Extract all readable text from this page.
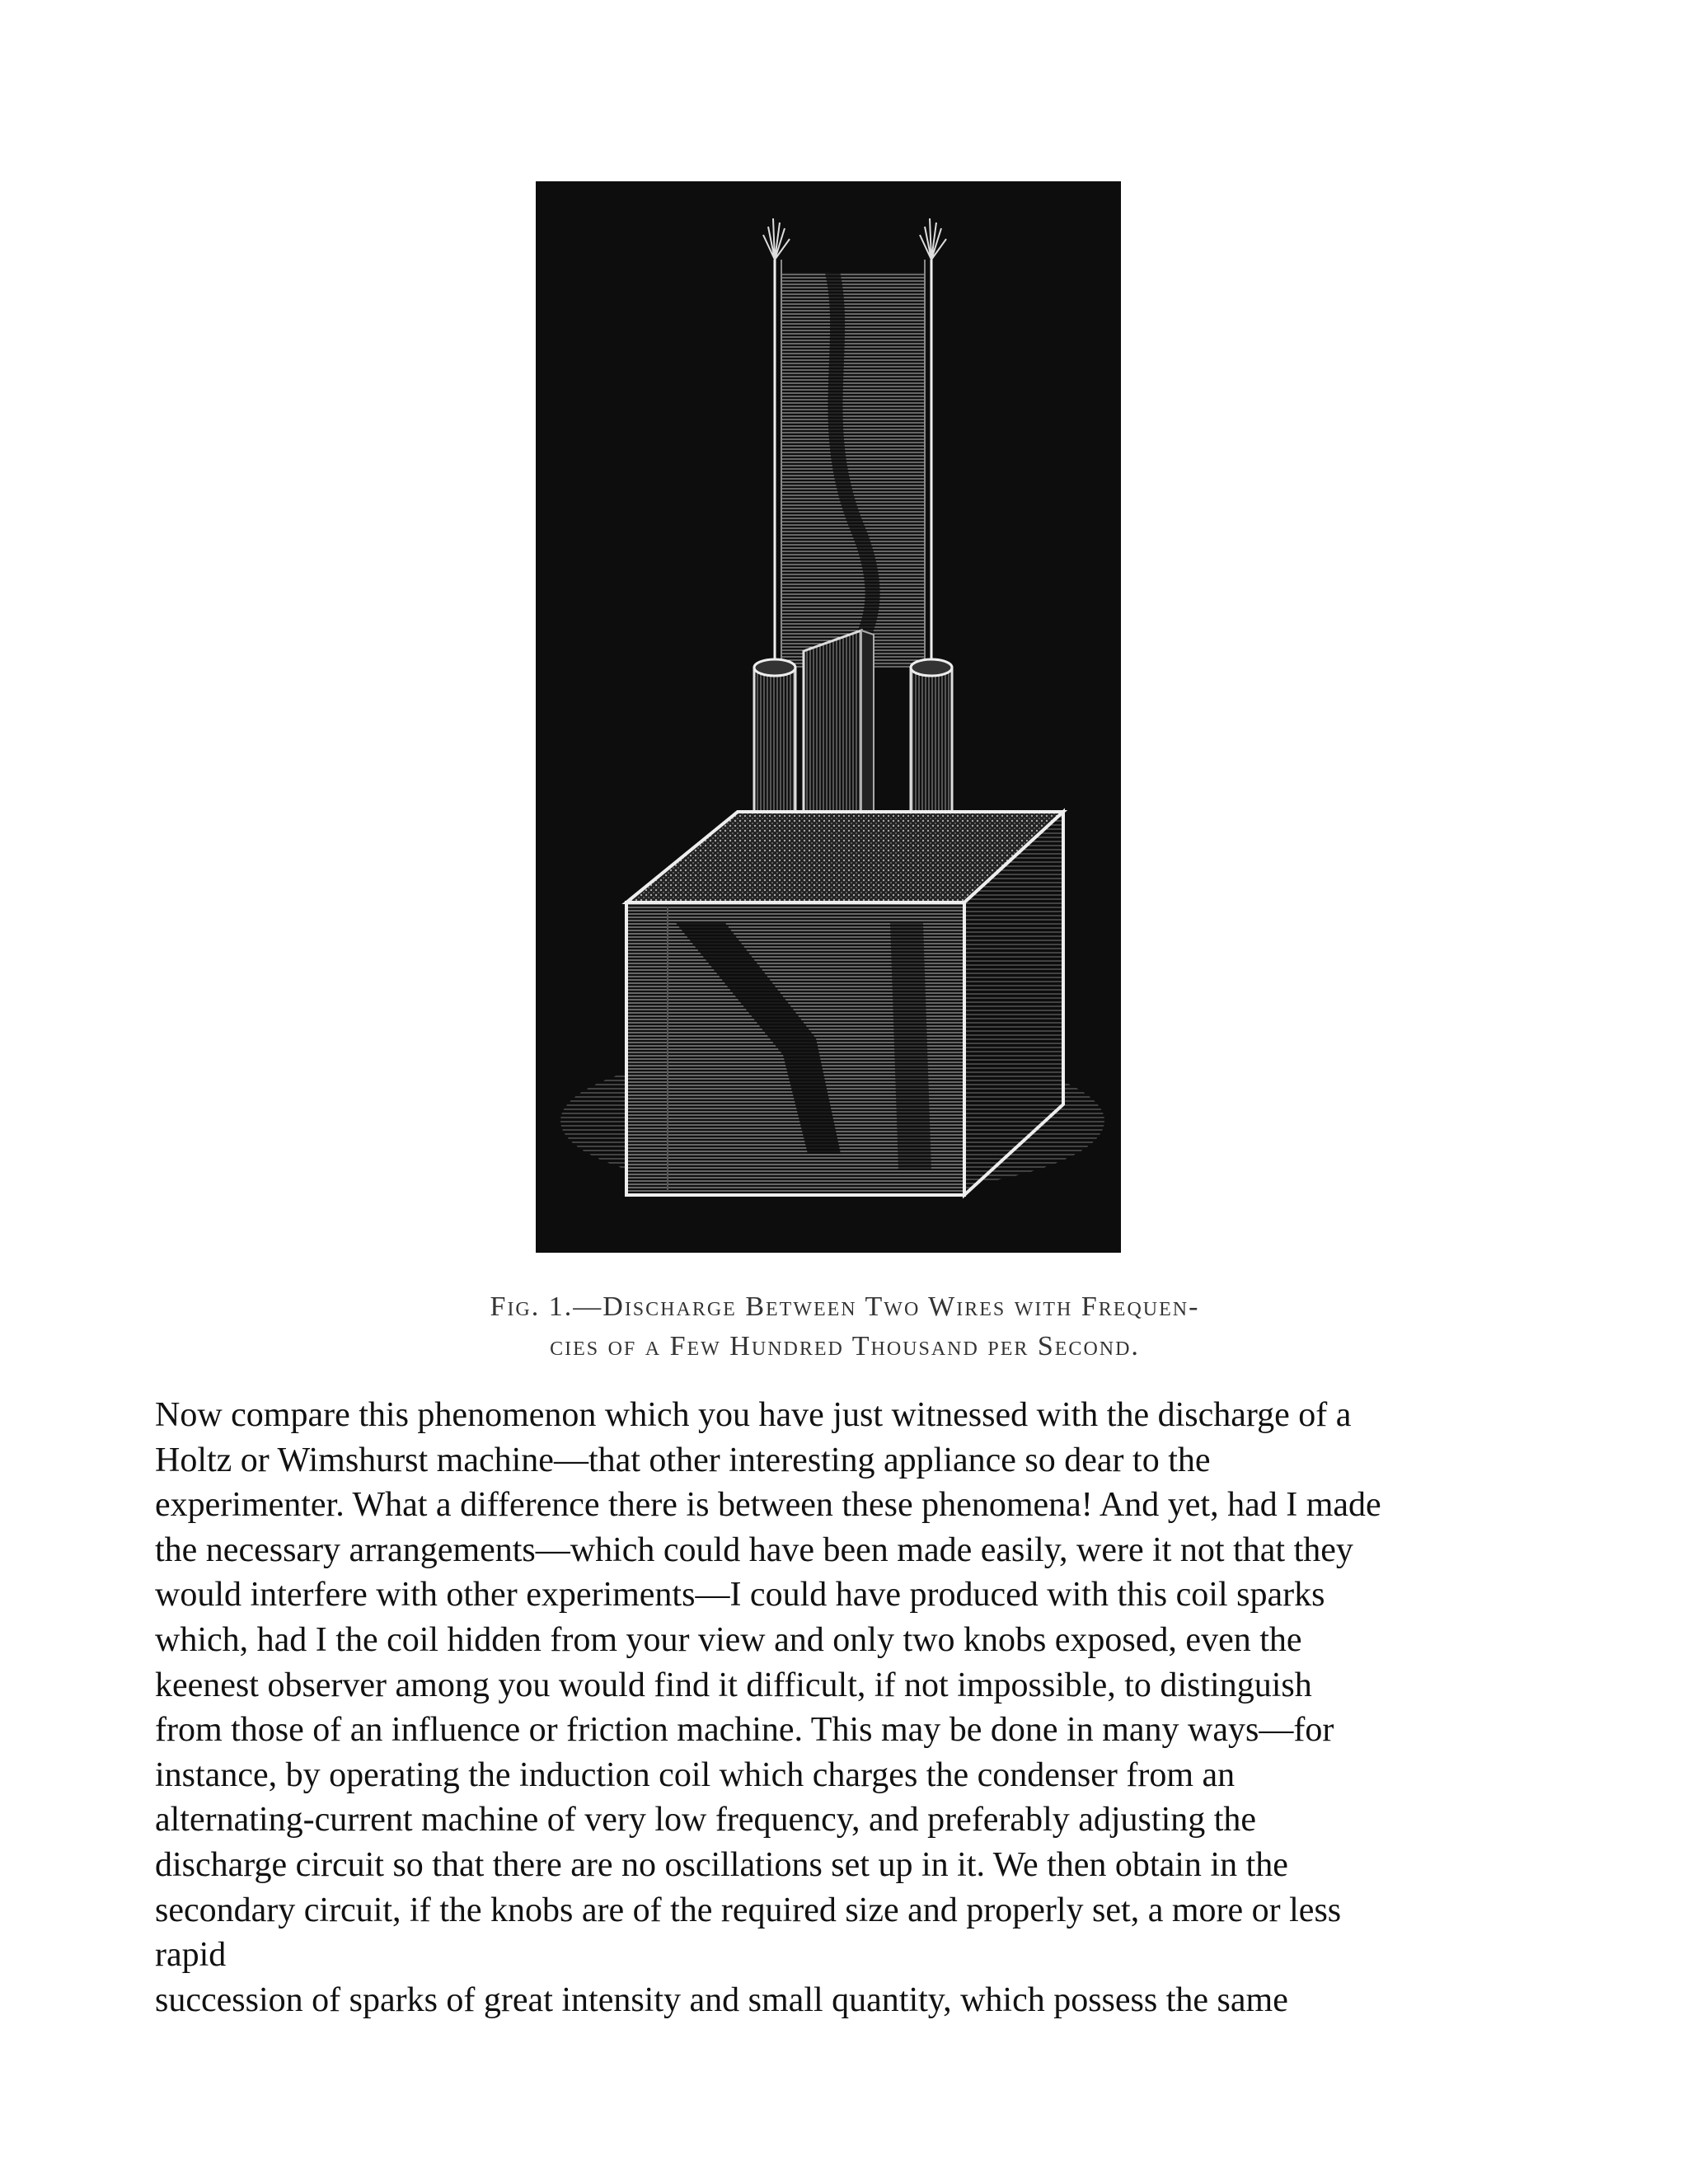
Fig. 1.—Discharge Between Two Wires with Frequen-
cies of a Few Hundred Thousand per Second.
Now compare this phenomenon which you have just witnessed with the discharge of a
Holtz or Wimshurst machine—that other interesting appliance so dear to the
experimenter. What a difference there is between these phenomena! And yet, had I made
the necessary arrangements—which could have been made easily, were it not that they
would interfere with other experiments—I could have produced with this coil sparks
which, had I the coil hidden from your view and only two knobs exposed, even the
keenest observer among you would find it difficult, if not impossible, to distinguish
from those of an influence or friction machine. This may be done in many ways—for
instance, by operating the induction coil which charges the condenser from an
alternating-current machine of very low frequency, and preferably adjusting the
discharge circuit so that there are no oscillations set up in it. We then obtain in the
secondary circuit, if the knobs are of the required size and properly set, a more or less
rapid
succession of sparks of great intensity and small quantity, which possess the same
